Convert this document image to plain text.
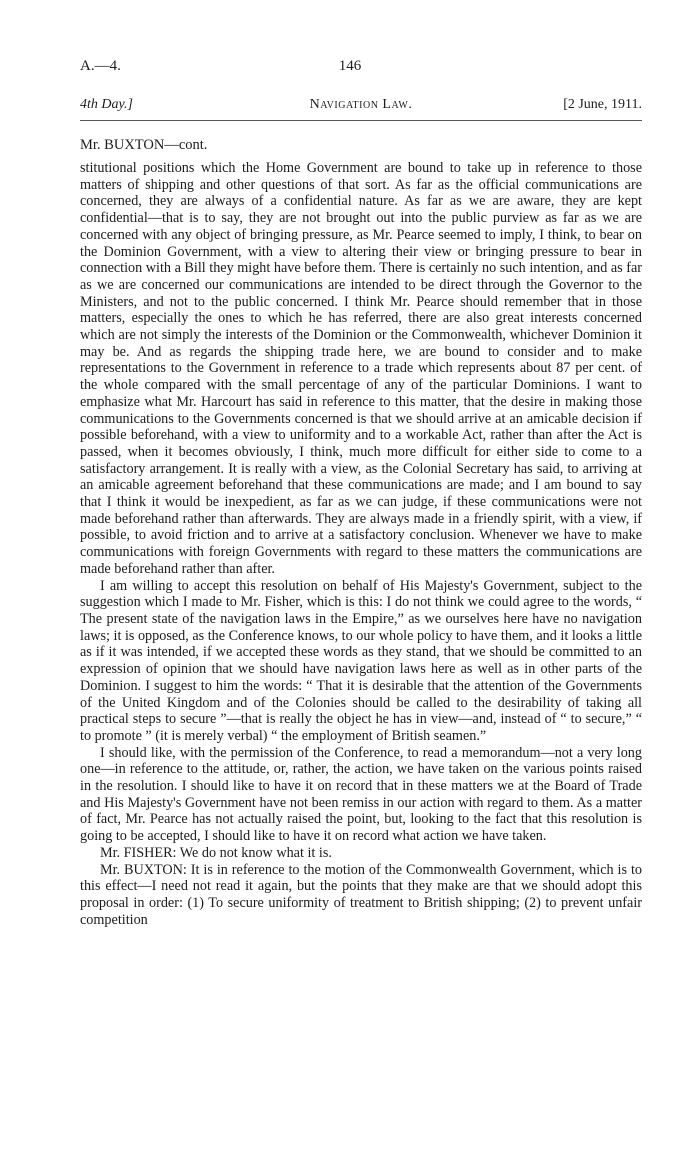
A.—4.	146
4th Day.]	Navigation Law.	[2 June, 1911.
Mr. BUXTON—cont.

stitutional positions which the Home Government are bound to take up in reference to those matters of shipping and other questions of that sort. As far as the official communications are concerned, they are always of a confidential nature. As far as we are aware, they are kept confidential—that is to say, they are not brought out into the public purview as far as we are concerned with any object of bringing pressure, as Mr. Pearce seemed to imply, I think, to bear on the Dominion Government, with a view to altering their view or bringing pressure to bear in connection with a Bill they might have before them. There is certainly no such intention, and as far as we are concerned our communications are intended to be direct through the Governor to the Ministers, and not to the public concerned. I think Mr. Pearce should remember that in those matters, especially the ones to which he has referred, there are also great interests concerned which are not simply the interests of the Dominion or the Commonwealth, whichever Dominion it may be. And as regards the shipping trade here, we are bound to consider and to make representations to the Government in reference to a trade which represents about 87 per cent. of the whole compared with the small percentage of any of the particular Dominions. I want to emphasize what Mr. Harcourt has said in reference to this matter, that the desire in making those communications to the Governments concerned is that we should arrive at an amicable decision if possible beforehand, with a view to uniformity and to a workable Act, rather than after the Act is passed, when it becomes obviously, I think, much more difficult for either side to come to a satisfactory arrangement. It is really with a view, as the Colonial Secretary has said, to arriving at an amicable agreement beforehand that these communications are made; and I am bound to say that I think it would be inexpedient, as far as we can judge, if these communications were not made beforehand rather than afterwards. They are always made in a friendly spirit, with a view, if possible, to avoid friction and to arrive at a satisfactory conclusion. Whenever we have to make communications with foreign Governments with regard to these matters the communications are made beforehand rather than after.

I am willing to accept this resolution on behalf of His Majesty's Government, subject to the suggestion which I made to Mr. Fisher, which is this: I do not think we could agree to the words, “ The present state of the navigation laws in the Empire,” as we ourselves here have no navigation laws; it is opposed, as the Conference knows, to our whole policy to have them, and it looks a little as if it was intended, if we accepted these words as they stand, that we should be committed to an expression of opinion that we should have navigation laws here as well as in other parts of the Dominion. I suggest to him the words: “ That it is desirable that the attention of the Governments of the United Kingdom and of the Colonies should be called to the desirability of taking all practical steps to secure ”—that is really the object he has in view—and, instead of “ to secure,” “ to promote ” (it is merely verbal) “ the employment of British seamen.”

I should like, with the permission of the Conference, to read a memorandum—not a very long one—in reference to the attitude, or, rather, the action, we have taken on the various points raised in the resolution. I should like to have it on record that in these matters we at the Board of Trade and His Majesty's Government have not been remiss in our action with regard to them. As a matter of fact, Mr. Pearce has not actually raised the point, but, looking to the fact that this resolution is going to be accepted, I should like to have it on record what action we have taken.

Mr. FISHER: We do not know what it is.

Mr. BUXTON: It is in reference to the motion of the Commonwealth Government, which is to this effect—I need not read it again, but the points that they make are that we should adopt this proposal in order: (1) To secure uniformity of treatment to British shipping; (2) to prevent unfair competition
